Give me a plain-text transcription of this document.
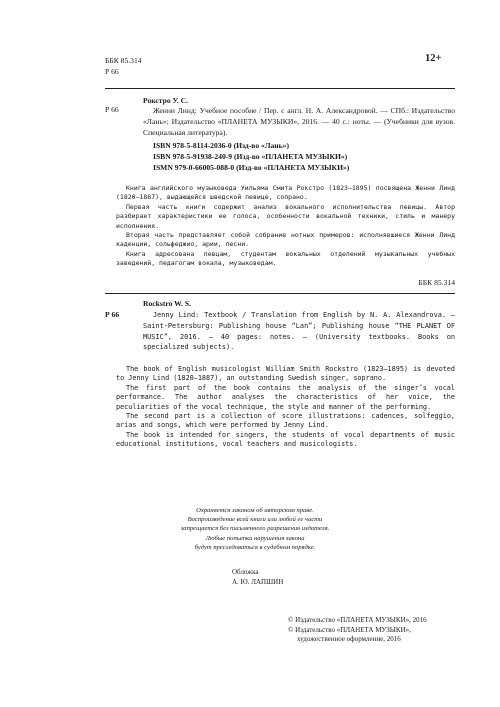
ББК 85.314
Р 66
12+
Р 66
Рокстро У. С.
Женни Линд: Учебное пособие / Пер. с англ. Н. А. Александровой. — СПб.: Издательство «Лань»; Издательство «ПЛАНЕТА МУЗЫКИ», 2016. — 40 с.: ноты. — (Учебники для вузов. Специальная литература).
ISBN 978-5-8114-2036-0 (Изд-во «Лань»)
ISBN 978-5-91938-240-9 (Изд-во «ПЛАНЕТА МУЗЫКИ»)
ISMN 979-0-66005-088-0 (Изд-во «ПЛАНЕТА МУЗЫКИ»)
Книга английского музыковеда Уильяма Смита Рокстро (1823–1895) посвящена Женни Линд (1820–1887), выдающейся шведской певице, сопрано.
Первая часть книги содержит анализ вокального исполнительства певицы. Автор разбирает характеристики ее голоса, особенности вокальной техники, стиль и манеру исполнения.
Вторая часть представляет собой собрание нотных примеров: исполнявшиеся Женни Линд каденции, сольфеджио, арии, песни.
Книга адресована певцам, студентам вокальных отделений музыкальных учебных заведений, педагогам вокала, музыковедам.
ББК 85.314
Р 66
Rockstro W. S.
Jenny Lind: Textbook / Translation from English by N. A. Alexandrova. — Saint-Petersburg: Publishing house “Lan”; Publishing house “THE PLANET OF MUSIC”, 2016. — 40 pages: notes. — (University textbooks. Books on specialized subjects).
The book of English musicologist William Smith Rockstro (1823–1895) is devoted to Jenny Lind (1820–1887), an outstanding Swedish singer, soprano.
The first part of the book contains the analysis of the singer’s vocal performance. The author analyses the characteristics of her voice, the peculiarities of the vocal technique, the style and manner of the performing.
The second part is a collection of score illustrations: cadences, solfeggio, arias and songs, which were performed by Jenny Lind.
The book is intended for singers, the students of vocal departments of music educational institutions, vocal teachers and musicologists.
Охраняется законом об авторском праве.
Воспроизведение всей книги или любой ее части
запрещается без письменного разрешения издателя.
Любые попытки нарушения закона
будут преследоваться в судебном порядке.
Обложка
А. Ю. ЛАПШИН
© Издательство «ПЛАНЕТА МУЗЫКИ», 2016
© Издательство «ПЛАНЕТА МУЗЫКИ»,
художественное оформление, 2016
